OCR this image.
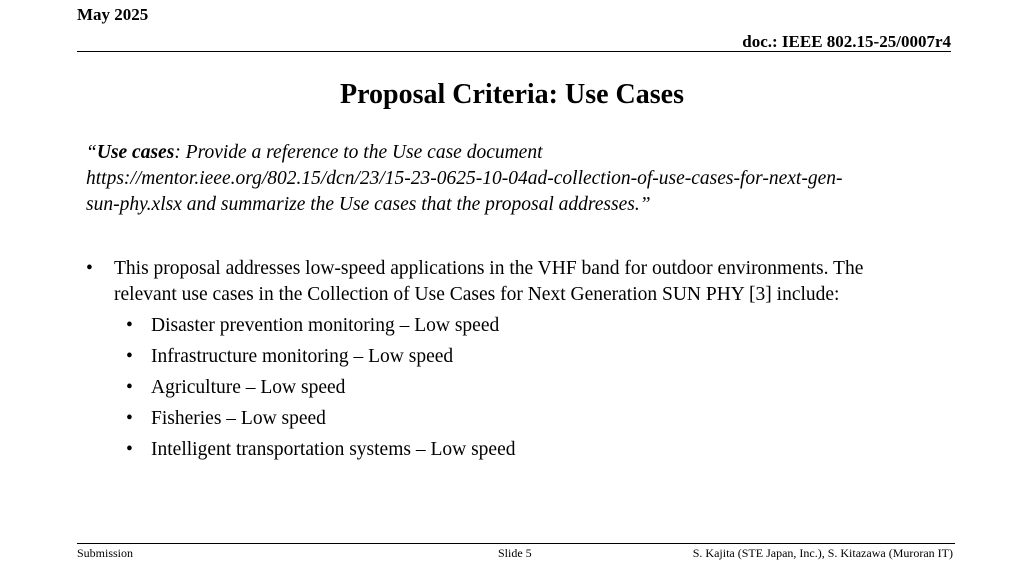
May 2025
doc.: IEEE 802.15-25/0007r4
Proposal Criteria: Use Cases
“Use cases: Provide a reference to the Use case document
https://mentor.ieee.org/802.15/dcn/23/15-23-0625-10-04ad-collection-of-use-cases-for-next-gen-
sun-phy.xlsx and summarize the Use cases that the proposal addresses.”
• This proposal addresses low-speed applications in the VHF band for outdoor environments. The
relevant use cases in the Collection of Use Cases for Next Generation SUN PHY [3] include:
• Disaster prevention monitoring – Low speed
• Infrastructure monitoring – Low speed
• Agriculture – Low speed
• Fisheries – Low speed
• Intelligent transportation systems – Low speed
Submission	Slide 5	S. Kajita (STE Japan, Inc.), S. Kitazawa (Muroran IT)
